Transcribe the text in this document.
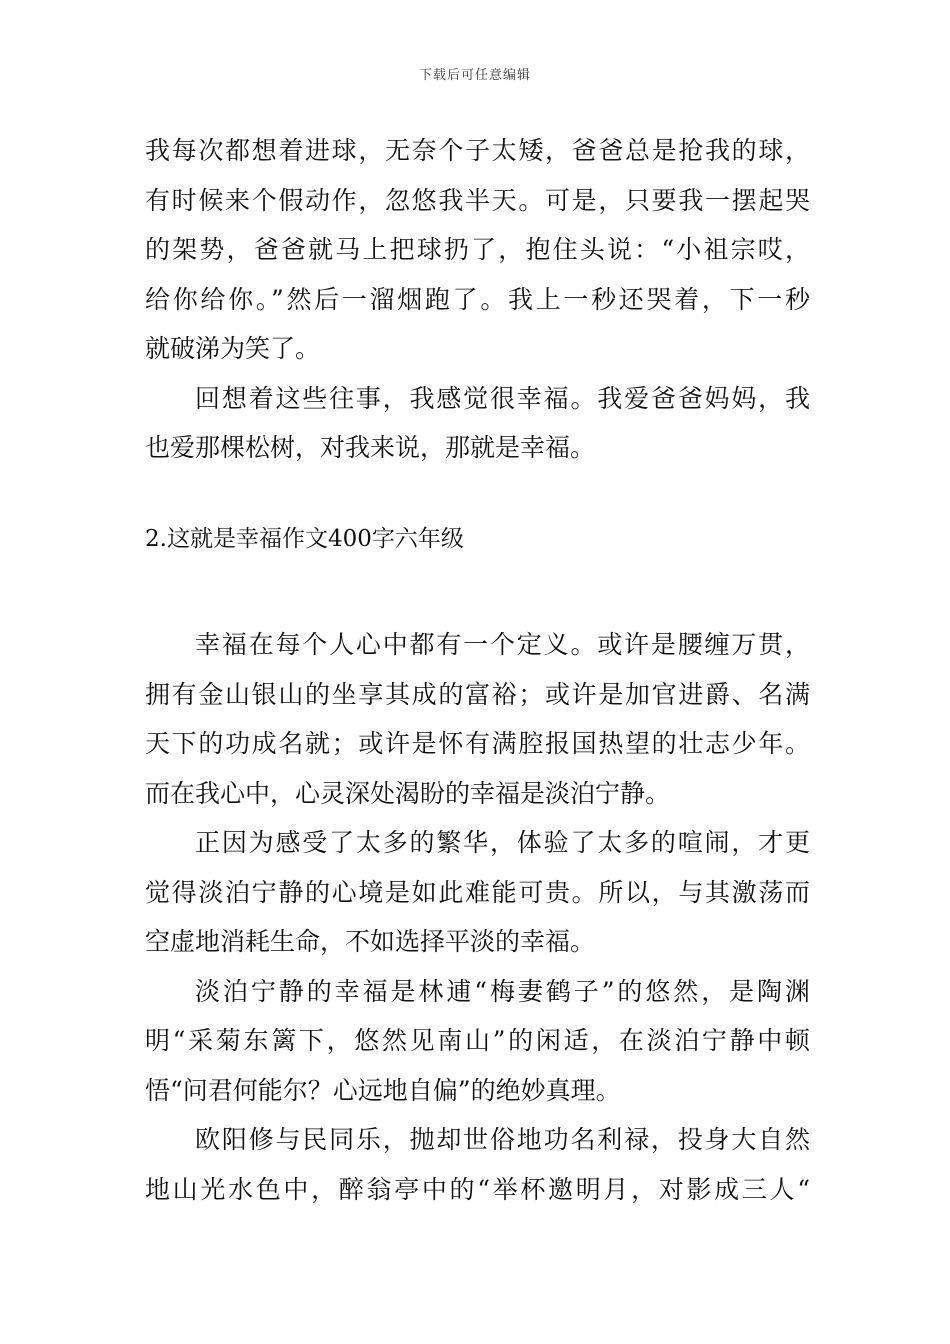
下载后可任意编辑
我每次都想着进球，无奈个子太矮，爸爸总是抢我的球，
有时候来个假动作，忽悠我半天。可是，只要我一摆起哭
的架势，爸爸就马上把球扔了，抱住头说：“小祖宗哎，
给你给你。”然后一溜烟跑了。我上一秒还哭着，下一秒
就破涕为笑了。
回想着这些往事，我感觉很幸福。我爱爸爸妈妈，我
也爱那棵松树，对我来说，那就是幸福。
2.这就是幸福作文400字六年级
幸福在每个人心中都有一个定义。或许是腰缠万贯，
拥有金山银山的坐享其成的富裕；或许是加官进爵、名满
天下的功成名就；或许是怀有满腔报国热望的壮志少年。
而在我心中，心灵深处渴盼的幸福是淡泊宁静。
正因为感受了太多的繁华，体验了太多的喧闹，才更
觉得淡泊宁静的心境是如此难能可贵。所以，与其激荡而
空虚地消耗生命，不如选择平淡的幸福。
淡泊宁静的幸福是林逋“梅妻鹤子”的悠然，是陶渊
明“采菊东篱下，悠然见南山”的闲适，在淡泊宁静中顿
悟“问君何能尔？心远地自偏”的绝妙真理。
欧阳修与民同乐，抛却世俗地功名利禄，投身大自然
地山光水色中，醉翁亭中的“举杯邀明月，对影成三人“
